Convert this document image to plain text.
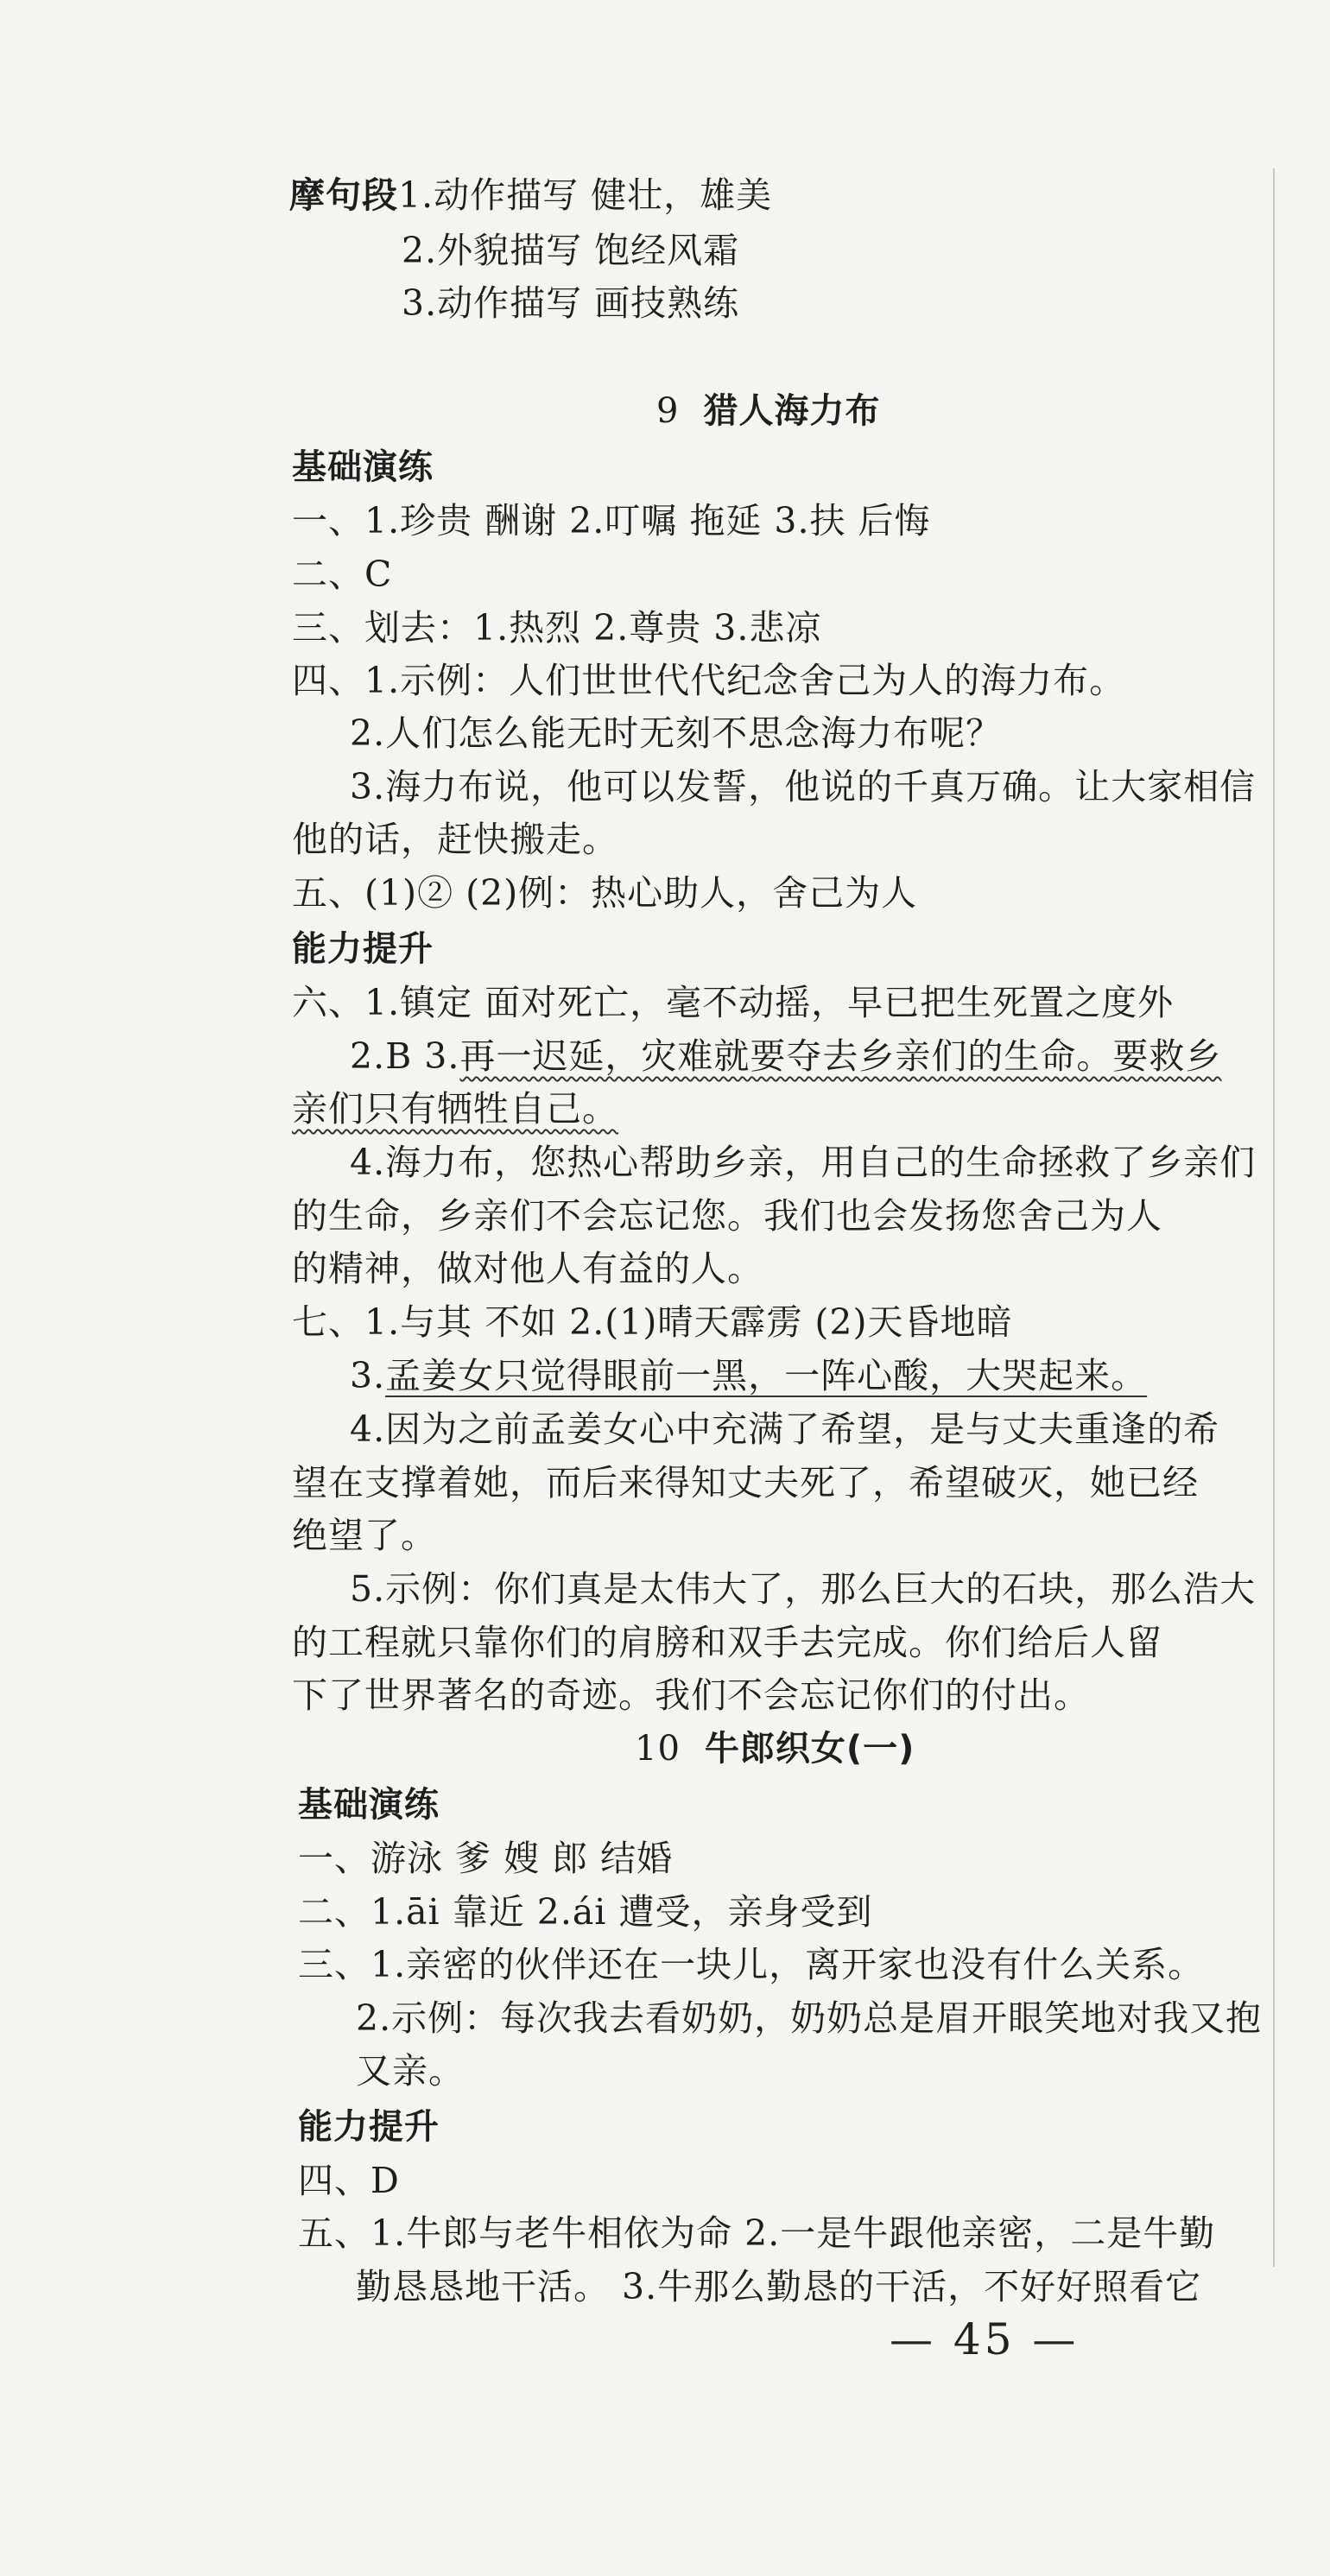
摩句段1.动作描写 健壮，雄美
2.外貌描写 饱经风霜
3.动作描写 画技熟练
9 猎人海力布
基础演练
一、1.珍贵 酬谢 2.叮嘱 拖延 3.扶 后悔
二、C
三、划去：1.热烈 2.尊贵 3.悲凉
四、1.示例：人们世世代代纪念舍己为人的海力布。
2.人们怎么能无时无刻不思念海力布呢？
3.海力布说，他可以发誓，他说的千真万确。让大家相信
他的话，赶快搬走。
五、(1)② (2)例：热心助人，舍己为人
能力提升
六、1.镇定 面对死亡，毫不动摇，早已把生死置之度外
2.B 3.再一迟延，灾难就要夺去乡亲们的生命。要救乡
亲们只有牺牲自己。
4.海力布，您热心帮助乡亲，用自己的生命拯救了乡亲们
的生命，乡亲们不会忘记您。我们也会发扬您舍己为人
的精神，做对他人有益的人。
七、1.与其 不如 2.(1)晴天霹雳 (2)天昏地暗
3.孟姜女只觉得眼前一黑，一阵心酸，大哭起来。
4.因为之前孟姜女心中充满了希望，是与丈夫重逢的希
望在支撑着她，而后来得知丈夫死了，希望破灭，她已经
绝望了。
5.示例：你们真是太伟大了，那么巨大的石块，那么浩大
的工程就只靠你们的肩膀和双手去完成。你们给后人留
下了世界著名的奇迹。我们不会忘记你们的付出。
10 牛郎织女(一)
基础演练
一、游泳 爹 嫂 郎 结婚
二、1.āi 靠近 2.ái 遭受，亲身受到
三、1.亲密的伙伴还在一块儿，离开家也没有什么关系。
2.示例：每次我去看奶奶，奶奶总是眉开眼笑地对我又抱
又亲。
能力提升
四、D
五、1.牛郎与老牛相依为命 2.一是牛跟他亲密，二是牛勤
勤恳恳地干活。 3.牛那么勤恳的干活，不好好照看它
— 45 —
